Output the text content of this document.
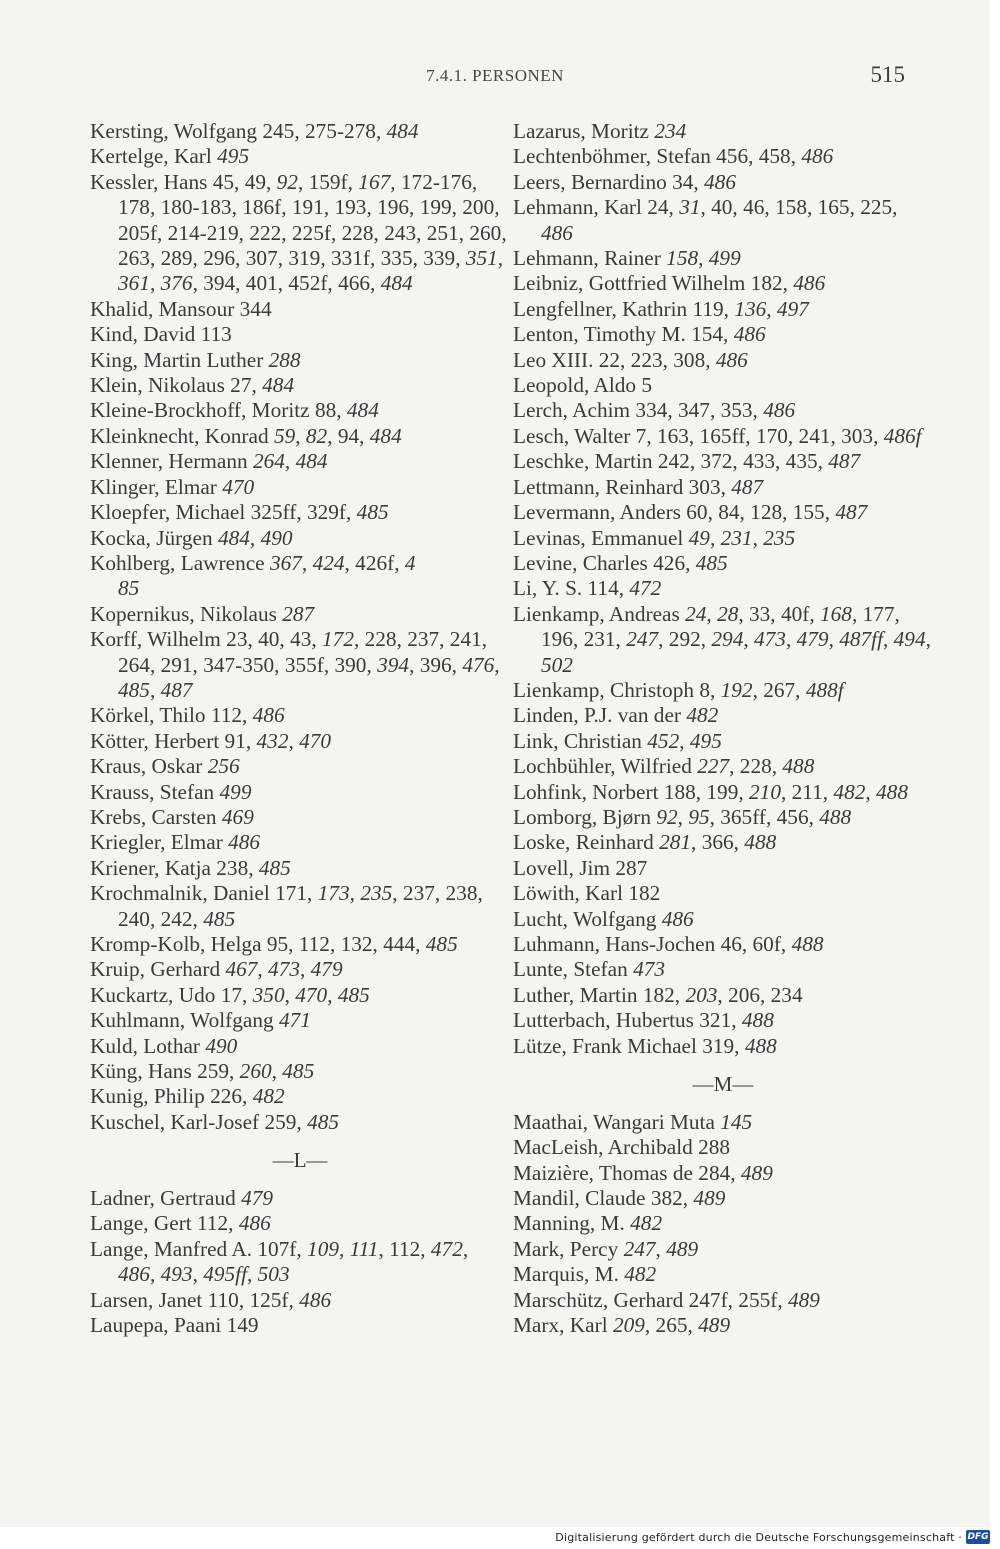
7.4.1. PERSONEN	515
Kersting, Wolfgang 245, 275-278, 484
Kertelge, Karl 495
Kessler, Hans 45, 49, 92, 159f, 167, 172-176, 178, 180-183, 186f, 191, 193, 196, 199, 200, 205f, 214-219, 222, 225f, 228, 243, 251, 260, 263, 289, 296, 307, 319, 331f, 335, 339, 351, 361, 376, 394, 401, 452f, 466, 484
Khalid, Mansour 344
Kind, David 113
King, Martin Luther 288
Klein, Nikolaus 27, 484
Kleine-Brockhoff, Moritz 88, 484
Kleinknecht, Konrad 59, 82, 94, 484
Klenner, Hermann 264, 484
Klinger, Elmar 470
Kloepfer, Michael 325ff, 329f, 485
Kocka, Jürgen 484, 490
Kohlberg, Lawrence 367, 424, 426f, 4
85
Kopernikus, Nikolaus 287
Korff, Wilhelm 23, 40, 43, 172, 228, 237, 241, 264, 291, 347-350, 355f, 390, 394, 396, 476, 485, 487
Körkel, Thilo 112, 486
Kötter, Herbert 91, 432, 470
Kraus, Oskar 256
Krauss, Stefan 499
Krebs, Carsten 469
Kriegler, Elmar 486
Kriener, Katja 238, 485
Krochmalnik, Daniel 171, 173, 235, 237, 238, 240, 242, 485
Kromp-Kolb, Helga 95, 112, 132, 444, 485
Kruip, Gerhard 467, 473, 479
Kuckartz, Udo 17, 350, 470, 485
Kuhlmann, Wolfgang 471
Kuld, Lothar 490
Küng, Hans 259, 260, 485
Kunig, Philip 226, 482
Kuschel, Karl-Josef 259, 485
—L—
Ladner, Gertraud 479
Lange, Gert 112, 486
Lange, Manfred A. 107f, 109, 111, 112, 472, 486, 493, 495ff, 503
Larsen, Janet 110, 125f, 486
Laupepa, Paani 149
Lazarus, Moritz 234
Lechtenböhmer, Stefan 456, 458, 486
Leers, Bernardino 34, 486
Lehmann, Karl 24, 31, 40, 46, 158, 165, 225, 486
Lehmann, Rainer 158, 499
Leibniz, Gottfried Wilhelm 182, 486
Lengfellner, Kathrin 119, 136, 497
Lenton, Timothy M. 154, 486
Leo XIII. 22, 223, 308, 486
Leopold, Aldo 5
Lerch, Achim 334, 347, 353, 486
Lesch, Walter 7, 163, 165ff, 170, 241, 303, 486f
Leschke, Martin 242, 372, 433, 435, 487
Lettmann, Reinhard 303, 487
Levermann, Anders 60, 84, 128, 155, 487
Levinas, Emmanuel 49, 231, 235
Levine, Charles 426, 485
Li, Y. S. 114, 472
Lienkamp, Andreas 24, 28, 33, 40f, 168, 177, 196, 231, 247, 292, 294, 473, 479, 487ff, 494, 502
Lienkamp, Christoph 8, 192, 267, 488f
Linden, P.J. van der 482
Link, Christian 452, 495
Lochbühler, Wilfried 227, 228, 488
Lohfink, Norbert 188, 199, 210, 211, 482, 488
Lomborg, Bjørn 92, 95, 365ff, 456, 488
Loske, Reinhard 281, 366, 488
Lovell, Jim 287
Löwith, Karl 182
Lucht, Wolfgang 486
Luhmann, Hans-Jochen 46, 60f, 488
Lunte, Stefan 473
Luther, Martin 182, 203, 206, 234
Lutterbach, Hubertus 321, 488
Lütze, Frank Michael 319, 488
—M—
Maathai, Wangari Muta 145
MacLeish, Archibald 288
Maizière, Thomas de 284, 489
Mandil, Claude 382, 489
Manning, M. 482
Mark, Percy 247, 489
Marquis, M. 482
Marschütz, Gerhard 247f, 255f, 489
Marx, Karl 209, 265, 489
Digitalisierung gefördert durch die Deutsche Forschungsgemeinschaft · DFG
